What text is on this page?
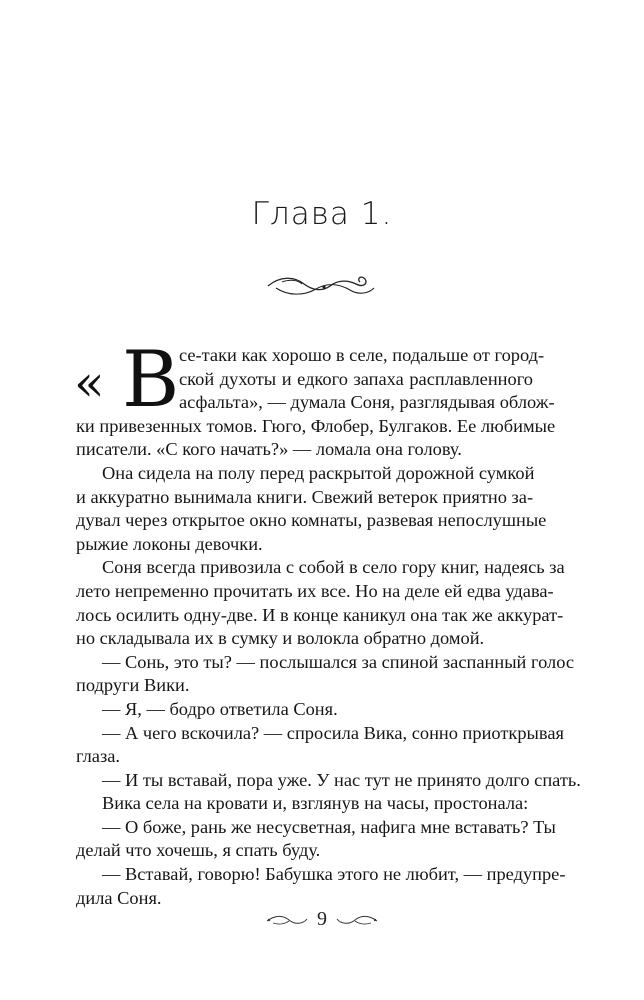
Глава 1.
« В се-таки как хорошо в селе, подальше от город-
ской духоты и едкого запаха расплавленного
асфальта», — думала Соня, разглядывая облож-
ки привезенных томов. Гюго, Флобер, Булгаков. Ее любимые
писатели. «С кого начать?» — ломала она голову.
Она сидела на полу перед раскрытой дорожной сумкой
и аккуратно вынимала книги. Свежий ветерок приятно за-
дувал через открытое окно комнаты, развевая непослушные
рыжие локоны девочки.
Соня всегда привозила с собой в село гору книг, надеясь за
лето непременно прочитать их все. Но на деле ей едва удава-
лось осилить одну-две. И в конце каникул она так же аккурат-
но складывала их в сумку и волокла обратно домой.
— Сонь, это ты? — послышался за спиной заспанный голос
подруги Вики.
— Я, — бодро ответила Соня.
— А чего вскочила? — спросила Вика, сонно приоткрывая
глаза.
— И ты вставай, пора уже. У нас тут не принято долго спать.
Вика села на кровати и, взглянув на часы, простонала:
— О боже, рань же несусветная, нафига мне вставать? Ты
делай что хочешь, я спать буду.
— Вставай, говорю! Бабушка этого не любит, — предупре-
дила Соня.
9
